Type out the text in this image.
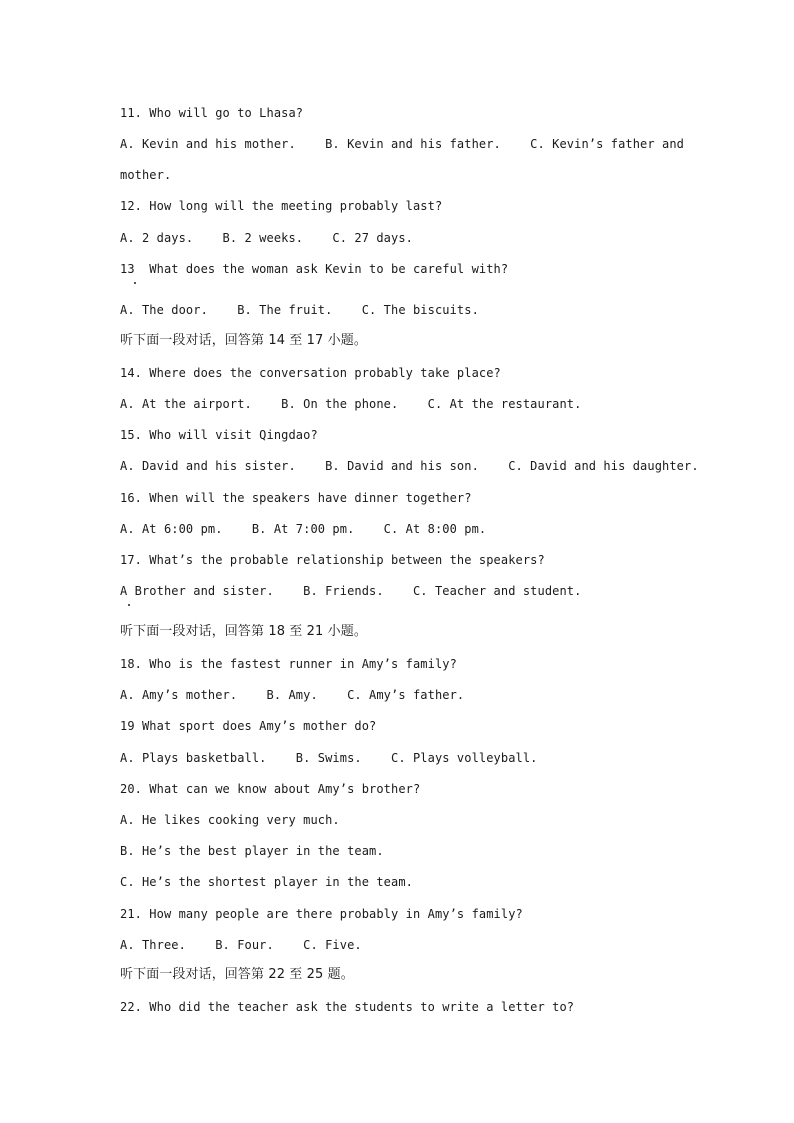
11. Who will go to Lhasa?
A. Kevin and his mother.    B. Kevin and his father.    C. Kevin’s father and
mother.
12. How long will the meeting probably last?
A. 2 days.    B. 2 weeks.    C. 27 days.
13  What does the woman ask Kevin to be careful with?
A. The door.    B. The fruit.    C. The biscuits.
听下面一段对话，回答第 14 至 17 小题。
14. Where does the conversation probably take place?
A. At the airport.    B. On the phone.    C. At the restaurant.
15. Who will visit Qingdao?
A. David and his sister.    B. David and his son.    C. David and his daughter.
16. When will the speakers have dinner together?
A. At 6:00 pm.    B. At 7:00 pm.    C. At 8:00 pm.
17. What’s the probable relationship between the speakers?
A Brother and sister.    B. Friends.    C. Teacher and student.
听下面一段对话，回答第 18 至 21 小题。
18. Who is the fastest runner in Amy’s family?
A. Amy’s mother.    B. Amy.    C. Amy’s father.
19 What sport does Amy’s mother do?
A. Plays basketball.    B. Swims.    C. Plays volleyball.
20. What can we know about Amy’s brother?
A. He likes cooking very much.
B. He’s the best player in the team.
C. He’s the shortest player in the team.
21. How many people are there probably in Amy’s family?
A. Three.    B. Four.    C. Five.
听下面一段对话，回答第 22 至 25 题。
22. Who did the teacher ask the students to write a letter to?
